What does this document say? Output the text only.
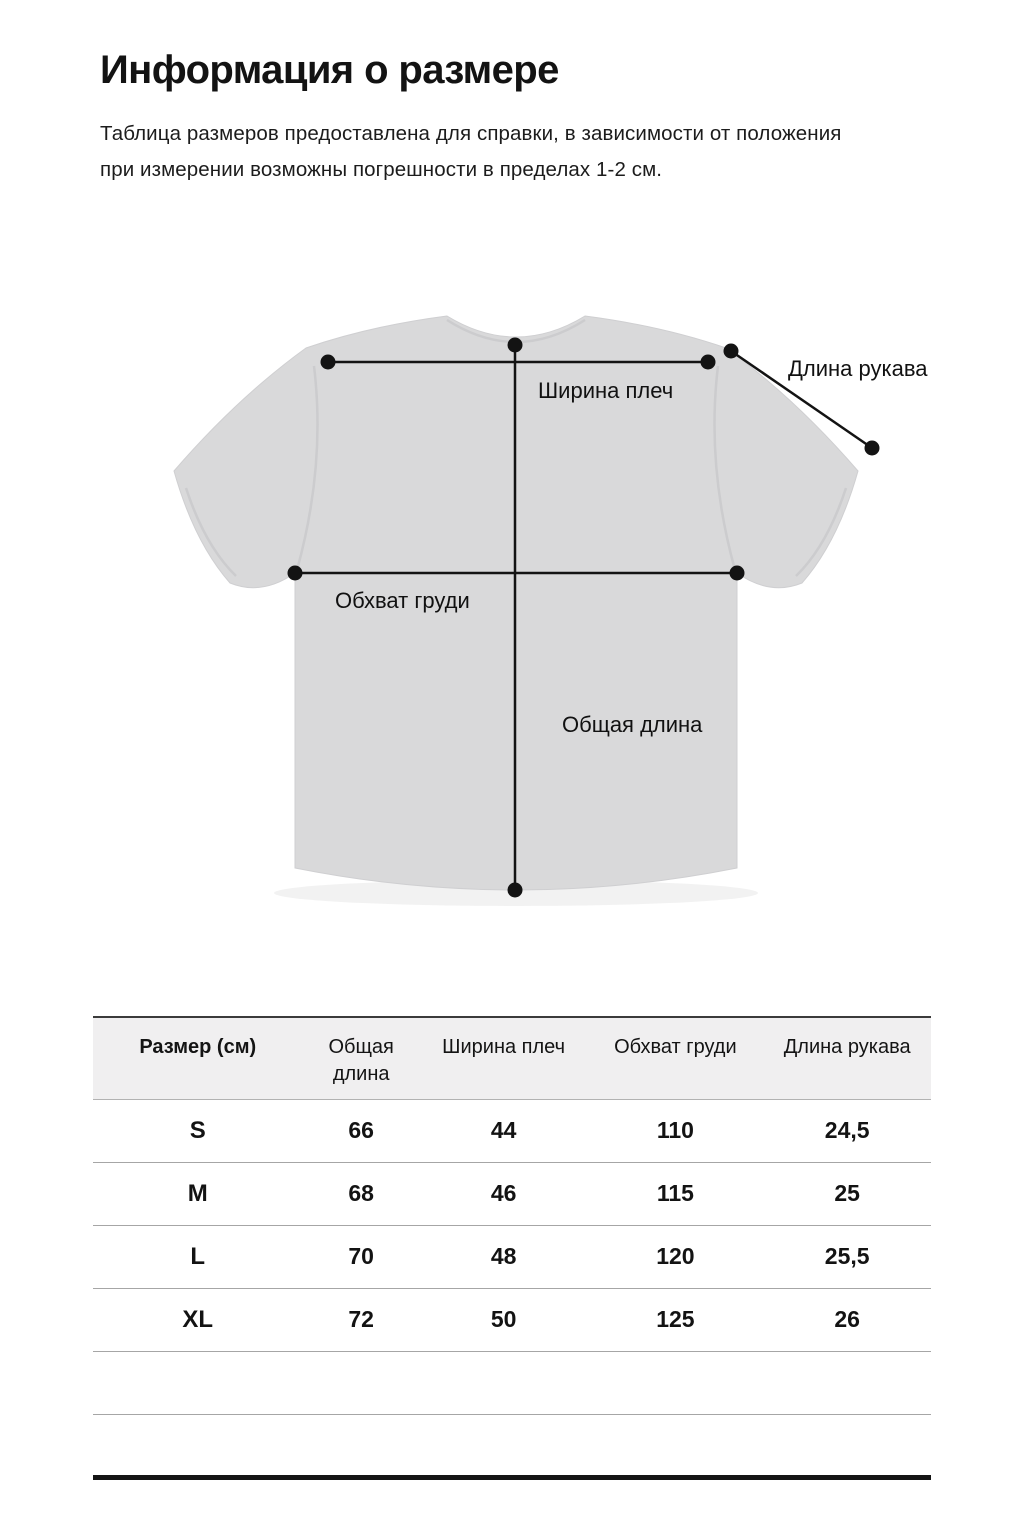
Информация о размере
Таблица размеров предоставлена для справки, в зависимости от положения
при измерении возможны погрешности в пределах 1-2 см.
Ширина плеч
Общая длина
Обхват груди
Длина рукава
Размер (см)	Общая длина	Ширина плеч	Обхват груди	Длина рукава
S	66	44	110	24,5
M	68	46	115	25
L	70	48	120	25,5
XL	72	50	125	26
